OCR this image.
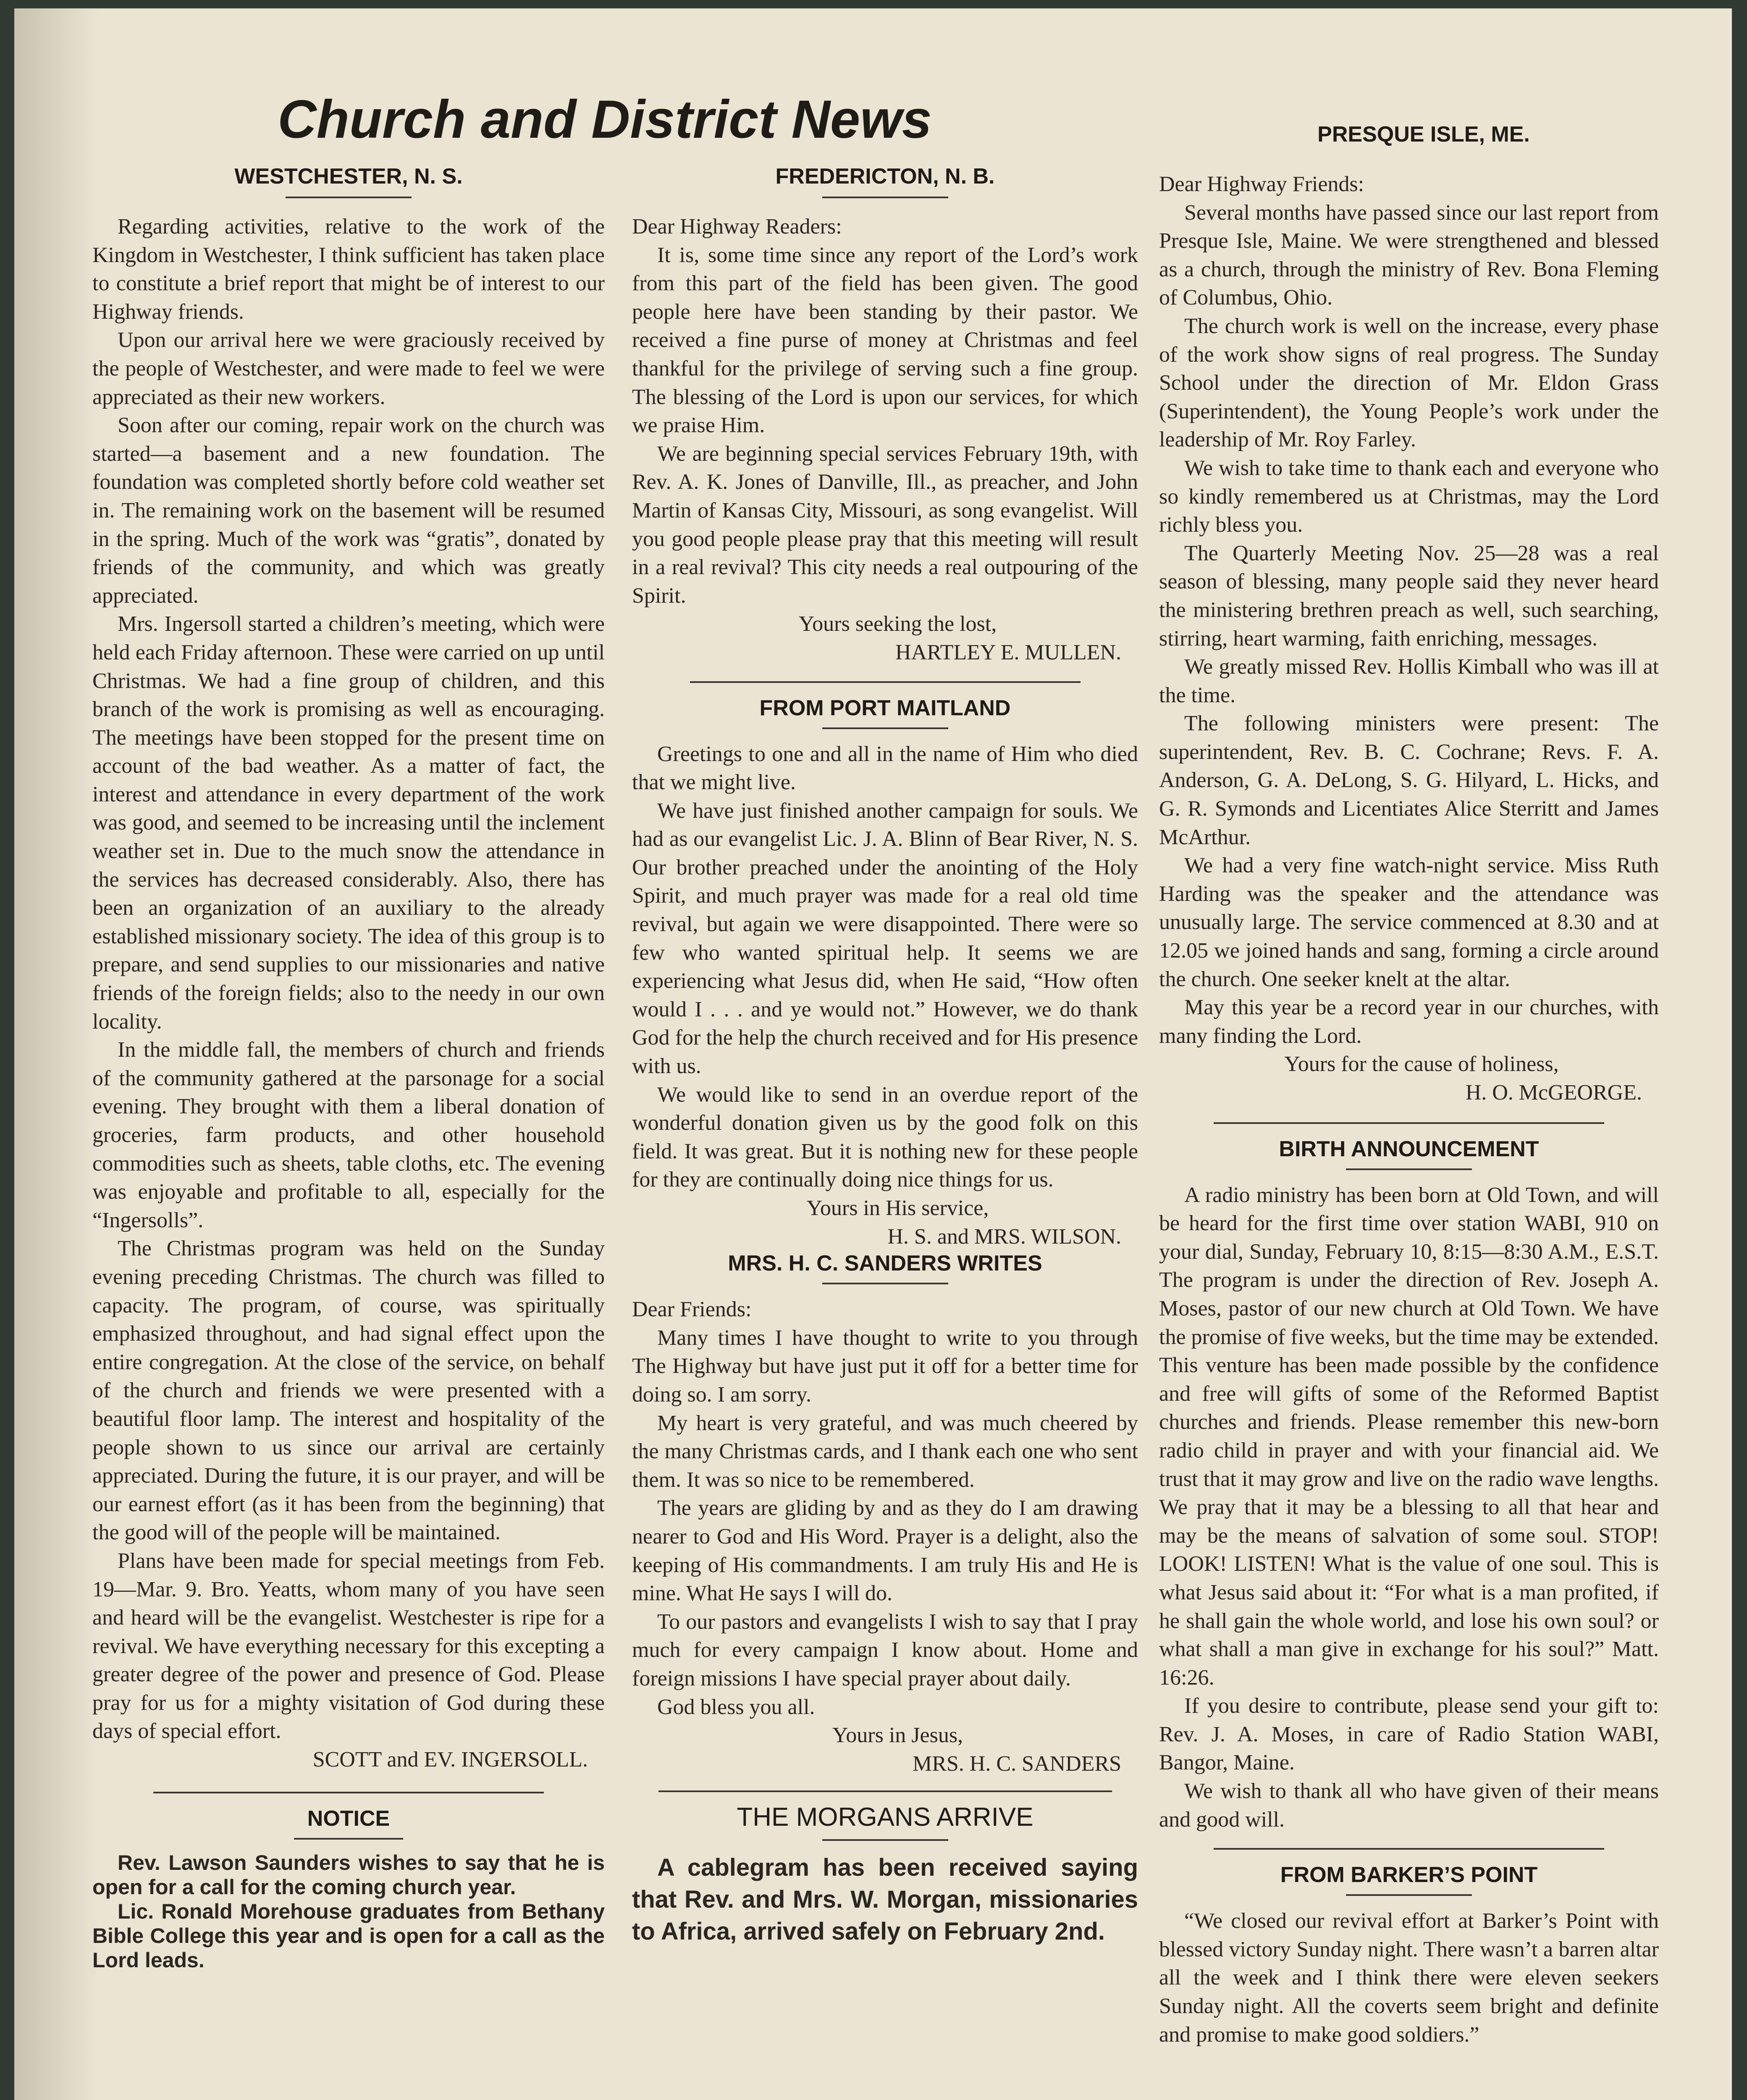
Church and District News	PRESQUE ISLE, ME.

WESTCHESTER, N. S.

Regarding activities, relative to the work of the Kingdom in Westchester, I think sufficient has taken place to constitute a brief report that might be of interest to our Highway friends.

Upon our arrival here we were graciously received by the people of Westchester, and were made to feel we were appreciated as their new workers.

Soon after our coming, repair work on the church was started—a basement and a new foundation. The foundation was completed shortly before cold weather set in. The remaining work on the basement will be resumed in the spring. Much of the work was “gratis”, donated by friends of the community, and which was greatly appreciated.

Mrs. Ingersoll started a children’s meeting, which were held each Friday afternoon. These were carried on up until Christmas. We had a fine group of children, and this branch of the work is promising as well as encouraging. The meetings have been stopped for the present time on account of the bad weather. As a matter of fact, the interest and attendance in every department of the work was good, and seemed to be increasing until the inclement weather set in. Due to the much snow the attendance in the services has decreased considerably. Also, there has been an organization of an auxiliary to the already established missionary society. The idea of this group is to prepare, and send supplies to our missionaries and native friends of the foreign fields; also to the needy in our own locality.

In the middle fall, the members of church and friends of the community gathered at the parsonage for a social evening. They brought with them a liberal donation of groceries, farm products, and other household commodities such as sheets, table cloths, etc. The evening was enjoyable and profitable to all, especially for the “Ingersolls”.

The Christmas program was held on the Sunday evening preceding Christmas. The church was filled to capacity. The program, of course, was spiritually emphasized throughout, and had signal effect upon the entire congregation. At the close of the service, on behalf of the church and friends we were presented with a beautiful floor lamp. The interest and hospitality of the people shown to us since our arrival are certainly appreciated. During the future, it is our prayer, and will be our earnest effort (as it has been from the beginning) that the good will of the people will be maintained.

Plans have been made for special meetings from Feb. 19—Mar. 9. Bro. Yeatts, whom many of you have seen and heard will be the evangelist. Westchester is ripe for a revival. We have everything necessary for this excepting a greater degree of the power and presence of God. Please pray for us for a mighty visitation of God during these days of special effort.

SCOTT and EV. INGERSOLL.

NOTICE

Rev. Lawson Saunders wishes to say that he is open for a call for the coming church year.

Lic. Ronald Morehouse graduates from Bethany Bible College this year and is open for a call as the Lord leads.

FREDERICTON, N. B.

Dear Highway Readers:

It is, some time since any report of the Lord’s work from this part of the field has been given. The good people here have been standing by their pastor. We received a fine purse of money at Christmas and feel thankful for the privilege of serving such a fine group. The blessing of the Lord is upon our services, for which we praise Him.

We are beginning special services February 19th, with Rev. A. K. Jones of Danville, Ill., as preacher, and John Martin of Kansas City, Missouri, as song evangelist. Will you good people please pray that this meeting will result in a real revival? This city needs a real outpouring of the Spirit.

Yours seeking the lost,

HARTLEY E. MULLEN.

FROM PORT MAITLAND

Greetings to one and all in the name of Him who died that we might live.

We have just finished another campaign for souls. We had as our evangelist Lic. J. A. Blinn of Bear River, N. S. Our brother preached under the anointing of the Holy Spirit, and much prayer was made for a real old time revival, but again we were disappointed. There were so few who wanted spiritual help. It seems we are experiencing what Jesus did, when He said, “How often would I . . . and ye would not.” However, we do thank God for the help the church received and for His presence with us.

We would like to send in an overdue report of the wonderful donation given us by the good folk on this field. It was great. But it is nothing new for these people for they are continually doing nice things for us.

Yours in His service,

H. S. and MRS. WILSON.

MRS. H. C. SANDERS WRITES

Dear Friends:

Many times I have thought to write to you through The Highway but have just put it off for a better time for doing so. I am sorry.

My heart is very grateful, and was much cheered by the many Christmas cards, and I thank each one who sent them. It was so nice to be remembered.

The years are gliding by and as they do I am drawing nearer to God and His Word. Prayer is a delight, also the keeping of His commandments. I am truly His and He is mine. What He says I will do.

To our pastors and evangelists I wish to say that I pray much for every campaign I know about. Home and foreign missions I have special prayer about daily.

God bless you all.

Yours in Jesus,

MRS. H. C. SANDERS

THE MORGANS ARRIVE

A cablegram has been received saying that Rev. and Mrs. W. Morgan, missionaries to Africa, arrived safely on February 2nd.

Dear Highway Friends:

Several months have passed since our last report from Presque Isle, Maine. We were strengthened and blessed as a church, through the ministry of Rev. Bona Fleming of Columbus, Ohio.

The church work is well on the increase, every phase of the work show signs of real progress. The Sunday School under the direction of Mr. Eldon Grass (Superintendent), the Young People’s work under the leadership of Mr. Roy Farley.

We wish to take time to thank each and everyone who so kindly remembered us at Christmas, may the Lord richly bless you.

The Quarterly Meeting Nov. 25—28 was a real season of blessing, many people said they never heard the ministering brethren preach as well, such searching, stirring, heart warming, faith enriching, messages.

We greatly missed Rev. Hollis Kimball who was ill at the time.

The following ministers were present: The superintendent, Rev. B. C. Cochrane; Revs. F. A. Anderson, G. A. DeLong, S. G. Hilyard, L. Hicks, and G. R. Symonds and Licentiates Alice Sterritt and James McArthur.

We had a very fine watch-night service. Miss Ruth Harding was the speaker and the attendance was unusually large. The service commenced at 8.30 and at 12.05 we joined hands and sang, forming a circle around the church. One seeker knelt at the altar.

May this year be a record year in our churches, with many finding the Lord.

Yours for the cause of holiness,

H. O. McGEORGE.

BIRTH ANNOUNCEMENT

A radio ministry has been born at Old Town, and will be heard for the first time over station WABI, 910 on your dial, Sunday, February 10, 8:15—8:30 A.M., E.S.T. The program is under the direction of Rev. Joseph A. Moses, pastor of our new church at Old Town. We have the promise of five weeks, but the time may be extended. This venture has been made possible by the confidence and free will gifts of some of the Reformed Baptist churches and friends. Please remember this new-born radio child in prayer and with your financial aid. We trust that it may grow and live on the radio wave lengths. We pray that it may be a blessing to all that hear and may be the means of salvation of some soul. STOP! LOOK! LISTEN! What is the value of one soul. This is what Jesus said about it: “For what is a man profited, if he shall gain the whole world, and lose his own soul? or what shall a man give in exchange for his soul?” Matt. 16:26.

If you desire to contribute, please send your gift to: Rev. J. A. Moses, in care of Radio Station WABI, Bangor, Maine.

We wish to thank all who have given of their means and good will.

FROM BARKER’S POINT

“We closed our revival effort at Barker’s Point with blessed victory Sunday night. There wasn’t a barren altar all the week and I think there were eleven seekers Sunday night. All the coverts seem bright and definite and promise to make good soldiers.”
